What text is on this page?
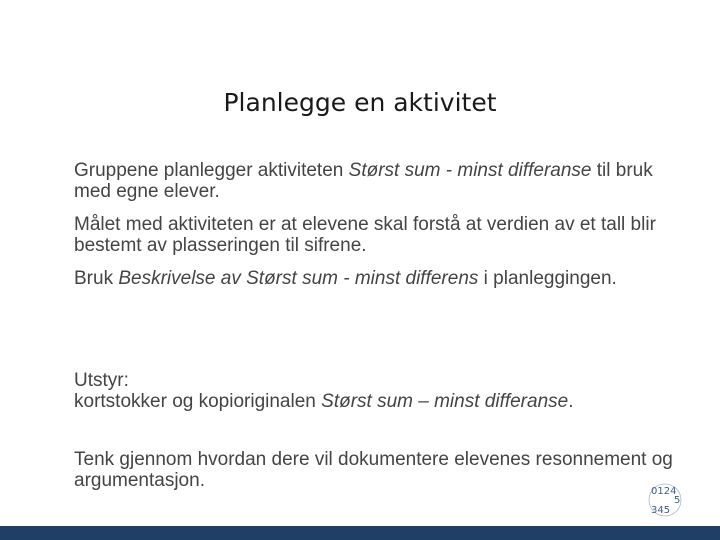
Planlegge en aktivitet

Gruppene planlegger aktiviteten Størst sum - minst differanse til bruk med egne elever.

Målet med aktiviteten er at elevene skal forstå at verdien av et tall blir bestemt av plasseringen til sifrene.

Bruk Beskrivelse av Størst sum - minst differens i planleggingen.

Utstyr:
kortstokker og kopioriginalen Størst sum – minst differanse.

Tenk gjennom hvordan dere vil dokumentere elevenes resonnement og argumentasjon.

0124
5
345
